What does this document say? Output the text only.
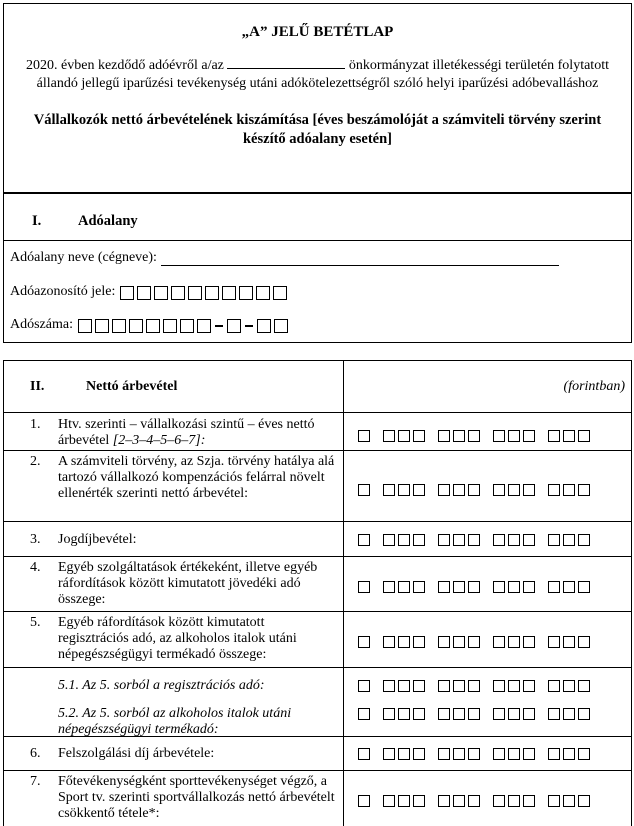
„A” JELŰ BETÉTLAP
2020. évben kezdődő adóévről a/az	önkormányzat illetékességi területén folytatott állandó jellegű iparűzési tevékenység utáni adókötelezettségről szóló helyi iparűzési adóbevalláshoz
Vállalkozók nettó árbevételének kiszámítása [éves beszámolóját a számviteli törvény szerint készítő adóalany esetén]
I.	Adóalany
Adóalany neve (cégneve):
Adóazonosító jele:
Adószáma:
II.	Nettó árbevétel	(forintban)
1. Htv. szerinti – vállalkozási szintű – éves nettó árbevétel [2–3–4–5–6–7]:
2. A számviteli törvény, az Szja. törvény hatálya alá tartozó vállalkozó kompenzációs felárral növelt ellenérték szerinti nettó árbevétel:
3. Jogdíjbevétel:
4. Egyéb szolgáltatások értékeként, illetve egyéb ráfordítások között kimutatott jövedéki adó összege:
5. Egyéb ráfordítások között kimutatott regisztrációs adó, az alkoholos italok utáni népegészségügyi termékadó összege:
5.1. Az 5. sorból a regisztrációs adó:
5.2. Az 5. sorból az alkoholos italok utáni népegészségügyi termékadó:
6. Felszolgálási díj árbevétele:
7. Főtevékenységként sporttevékenységet végző, a Sport tv. szerinti sportvállalkozás nettó árbevételt csökkentő tétele*:
